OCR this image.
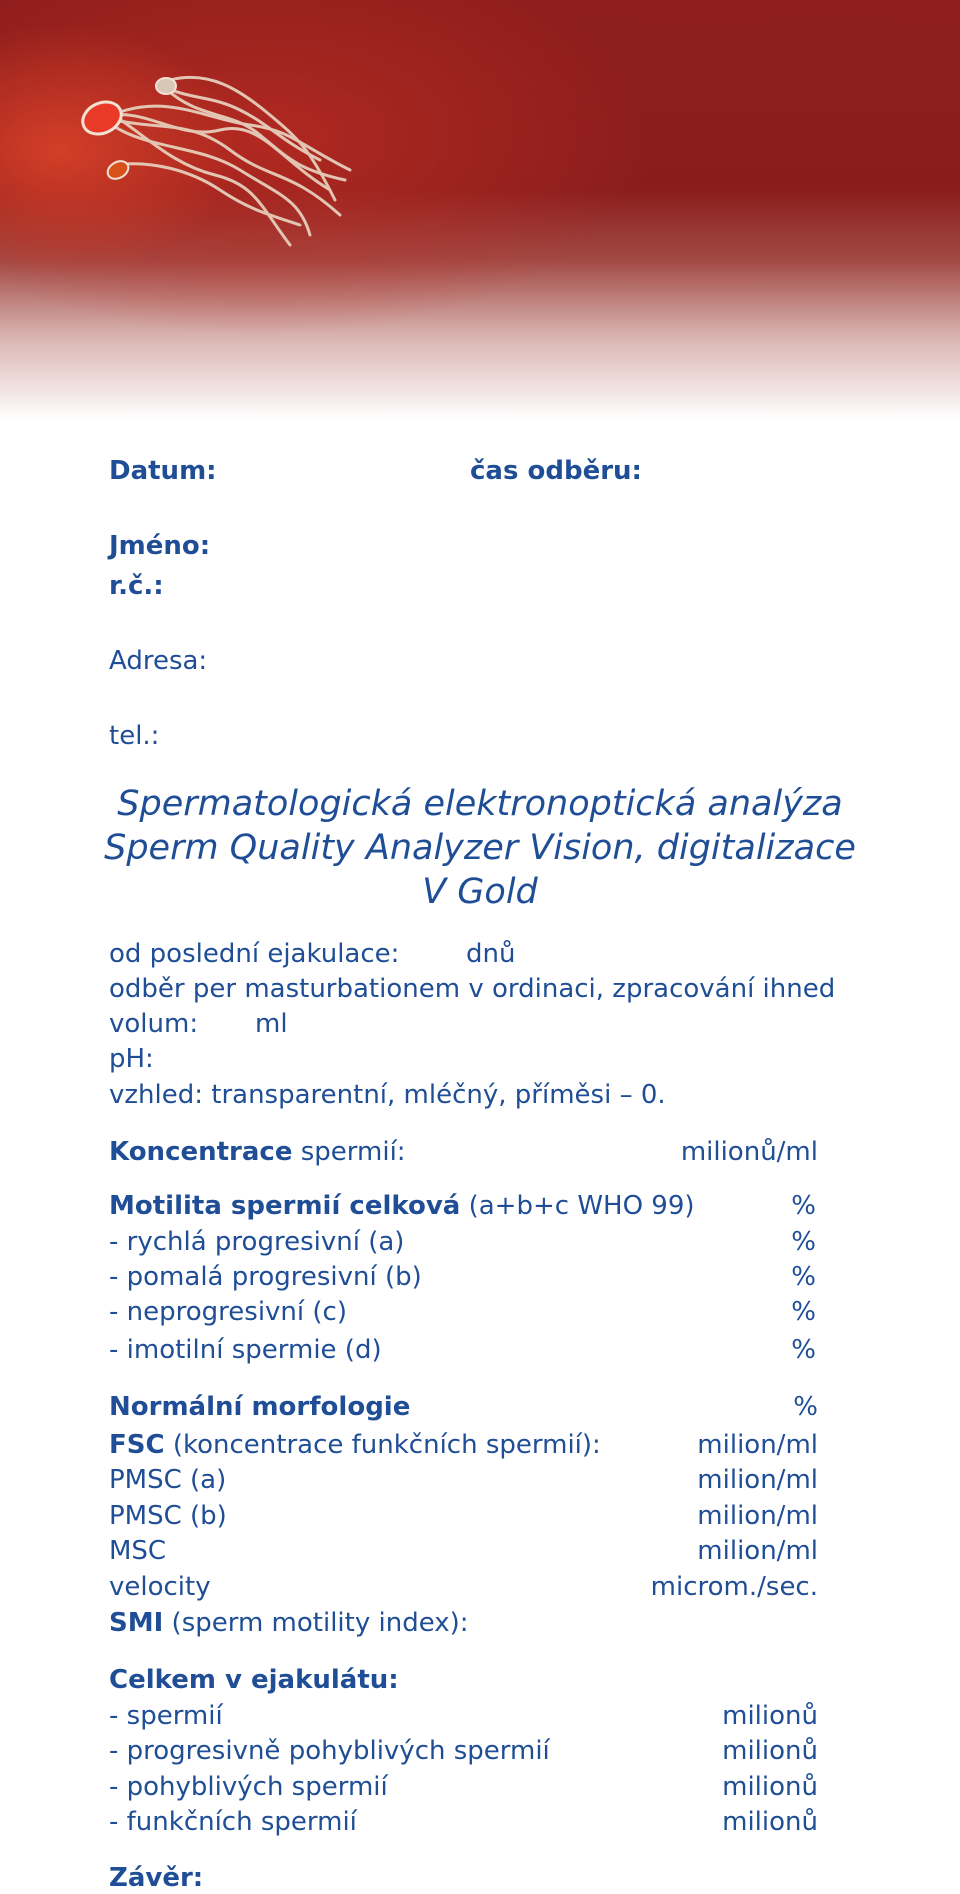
Datum:	čas odběru:
Jméno:
r.č.:
Adresa:
tel.:
Spermatologická elektronoptická analýza
Sperm Quality Analyzer Vision, digitalizace
V Gold
od poslední ejakulace:	dnů
odběr per masturbationem v ordinaci, zpracování ihned
volum: ml
pH:
vzhled: transparentní, mléčný, příměsi – 0.
Koncentrace spermií:	milionů/ml
Motilita spermií celková (a+b+c WHO 99)	%
- rychlá progresivní (a)	%
- pomalá progresivní (b)	%
- neprogresivní (c)	%
- imotilní spermie (d)	%
Normální morfologie	%
FSC (koncentrace funkčních spermií):	milion/ml
PMSC (a)	milion/ml
PMSC (b)	milion/ml
MSC	milion/ml
velocity	microm./sec.
SMI (sperm motility index):
Celkem v ejakulátu:
- spermií	milionů
- progresivně pohyblivých spermií	milionů
- pohyblivých spermií	milionů
- funkčních spermií	milionů
Závěr:
